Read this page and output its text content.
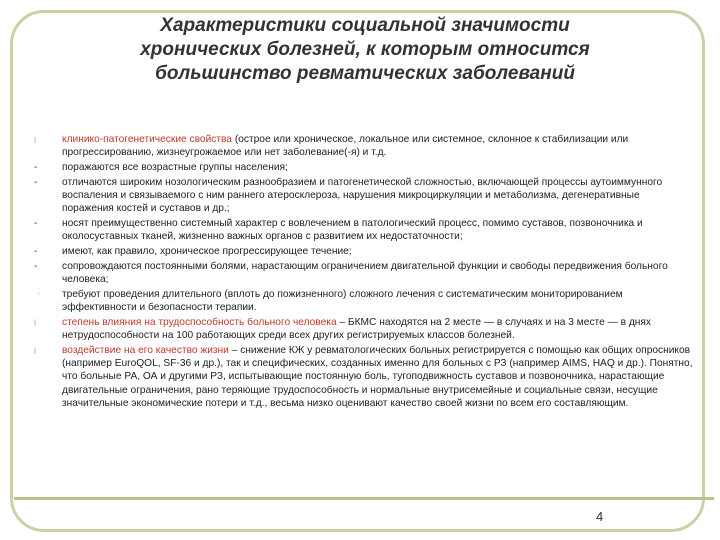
Характеристики социальной значимости
хронических болезней, к которым относится
большинство ревматических заболеваний
l	клинико-патогенетические свойства (острое или хроническое, локальное или системное, склонное к стабилизации или прогрессированию, жизнеугрожаемое или нет заболевание(-я) и т.д.
-	поражаются все возрастные группы населения;
-	отличаются широким нозологическим разнообразием и патогенетической сложностью, включающей процессы аутоиммунного воспаления и связываемого с ним раннего атеросклероза, нарушения микроциркуляции и метаболизма, дегенеративные поражения костей и суставов и др.;
-	носят преимущественно системный характер с вовлечением в патологический процесс, помимо суставов, позвоночника и околосуставных тканей, жизненно важных органов с развитием их недостаточности;
-	имеют, как правило, хроническое прогрессирующее течение;
-	сопровождаются постоянными болями, нарастающим ограничением двигательной функции и свободы передвижения больного человека;
·	требуют проведения длительного (вплоть до пожизненного) сложного лечения с систематическим мониторированием эффективности и безопасности терапии.
l	степень влияния на трудоспособность больного человека – БКМС находятся на 2 месте — в случаях и на 3 месте — в днях нетрудоспособности на 100 работающих среди всех других регистрируемых классов болезней.
l	воздействие на его качество жизни – снижение КЖ у ревматологических больных регистрируется с помощью как общих опросников (например EuroQOL, SF-36 и др.), так и специфических, созданных именно для больных с РЗ (например AIMS, HAQ и др.). Понятно, что больные РА, ОА и другими РЗ, испытывающие постоянную боль, тугоподвижность суставов и позвоночника, нарастающие двигательные ограничения, рано теряющие трудоспособность и нормальные внутрисемейные и социальные связи, несущие значительные экономические потери и т.д., весьма низко оценивают качество своей жизни по всем его составляющим.
4
